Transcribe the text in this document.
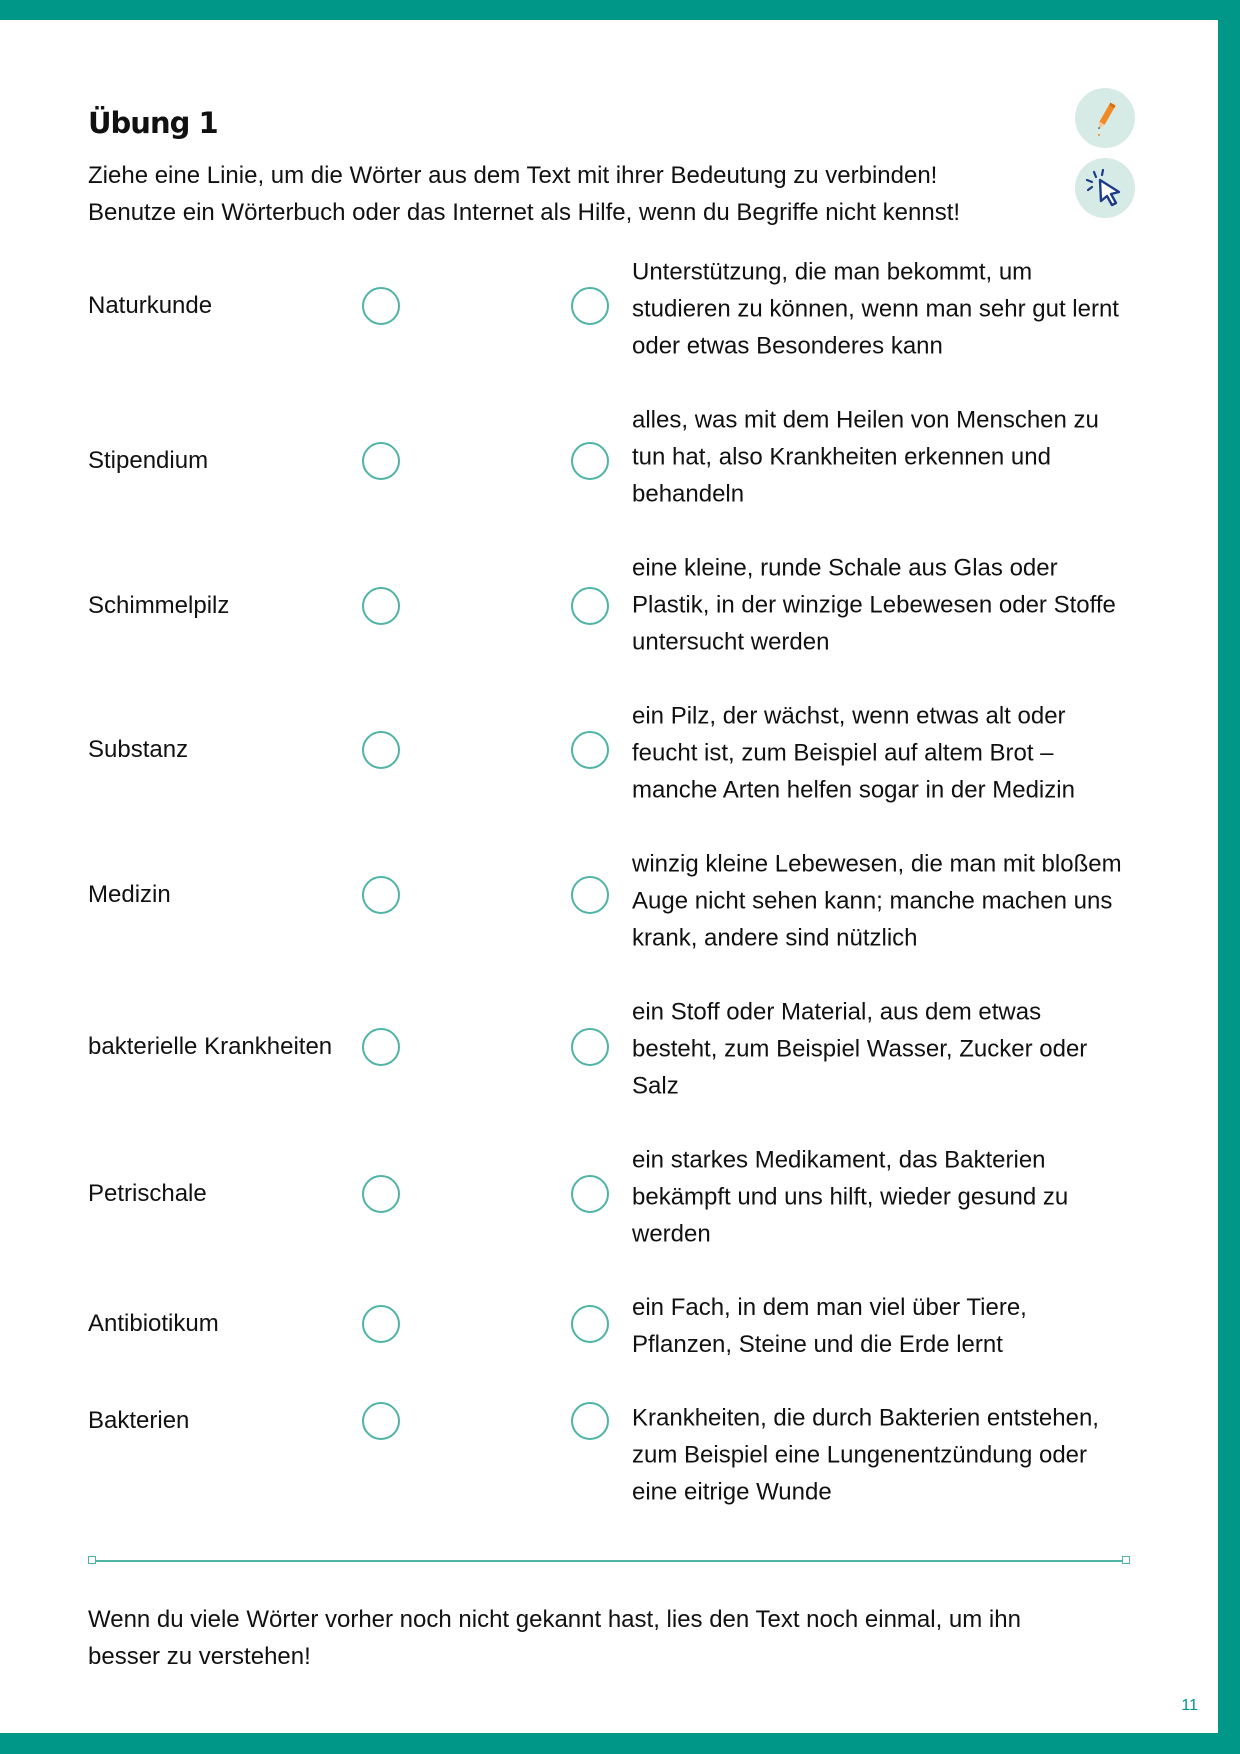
Übung 1
Ziehe eine Linie, um die Wörter aus dem Text mit ihrer Bedeutung zu verbinden!
Benutze ein Wörterbuch oder das Internet als Hilfe, wenn du Begriffe nicht kennst!
Naturkunde
Unterstützung, die man bekommt, um studieren zu können, wenn man sehr gut lernt oder etwas Besonderes kann
Stipendium
alles, was mit dem Heilen von Menschen zu tun hat, also Krankheiten erkennen und behandeln
Schimmelpilz
eine kleine, runde Schale aus Glas oder Plastik, in der winzige Lebewesen oder Stoffe untersucht werden
Substanz
ein Pilz, der wächst, wenn etwas alt oder feucht ist, zum Beispiel auf altem Brot – manche Arten helfen sogar in der Medizin
Medizin
winzig kleine Lebewesen, die man mit bloßem Auge nicht sehen kann; manche machen uns krank, andere sind nützlich
bakterielle Krankheiten
ein Stoff oder Material, aus dem etwas besteht, zum Beispiel Wasser, Zucker oder Salz
Petrischale
ein starkes Medikament, das Bakterien bekämpft und uns hilft, wieder gesund zu werden
Antibiotikum
ein Fach, in dem man viel über Tiere, Pflanzen, Steine und die Erde lernt
Bakterien	Krankheiten, die durch Bakterien entstehen, zum Beispiel eine Lungenentzündung oder eine eitrige Wunde

Wenn du viele Wörter vorher noch nicht gekannt hast, lies den Text noch einmal, um ihn besser zu verstehen!

11
